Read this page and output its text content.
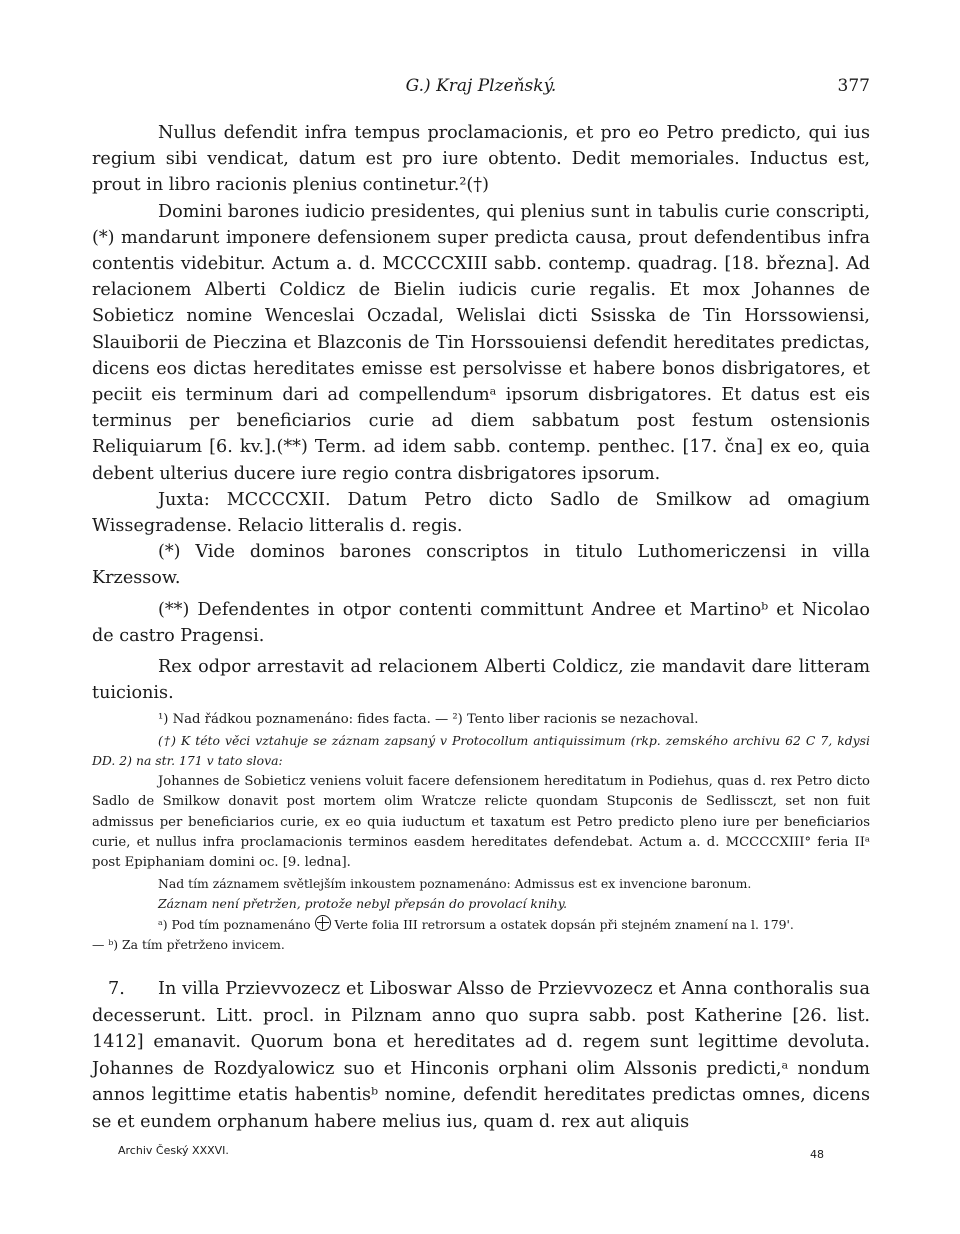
G.) Kraj Plzeňský.	377

Nullus defendit infra tempus proclamacionis, et pro eo Petro predicto, qui ius regium sibi vendicat, datum est pro iure obtento. Dedit memoriales. Inductus est, prout in libro racionis plenius continetur.²(†)

Domini barones iudicio presidentes, qui plenius sunt in tabulis curie conscripti,(*) mandarunt imponere defensionem super predicta causa, prout defendentibus infra contentis videbitur. Actum a. d. MCCCCXIII sabb. contemp. quadrag. [18. března]. Ad relacionem Alberti Coldicz de Bielin iudicis curie regalis. Et mox Johannes de Sobieticz nomine Wenceslai Oczadal, Welislai dicti Ssisska de Tin Horssowiensi, Slauiborii de Pieczina et Blazconis de Tin Horssouiensi defendit hereditates predictas, dicens eos dictas hereditates emisse est persolvisse et habere bonos disbrigatores, et peciit eis terminum dari ad compellendumᵃ ipsorum disbrigatores. Et datus est eis terminus per beneficiarios curie ad diem sabbatum post festum ostensionis Reliquiarum [6. kv.].(**) Term. ad idem sabb. contemp. penthec. [17. čna] ex eo, quia debent ulterius ducere iure regio contra disbrigatores ipsorum.

Juxta: MCCCCXII. Datum Petro dicto Sadlo de Smilkow ad omagium Wissegradense. Relacio litteralis d. regis.

(*) Vide dominos barones conscriptos in titulo Luthomericzensi in villa Krzessow.

(**) Defendentes in otpor contenti committunt Andree et Martinoᵇ et Nicolao de castro Pragensi.

Rex odpor arrestavit ad relacionem Alberti Coldicz, zie mandavit dare litteram tuicionis.

¹) Nad řádkou poznamenáno: fides facta. — ²) Tento liber racionis se nezachoval.

(†) K této věci vztahuje se záznam zapsaný v Protocollum antiquissimum (rkp. zemského archivu 62 C 7, kdysi DD. 2) na str. 171 v tato slova:

Johannes de Sobieticz veniens voluit facere defensionem hereditatum in Podiehus, quas d. rex Petro dicto Sadlo de Smilkow donavit post mortem olim Wratcze relicte quondam Stupconis de Sedlissczt, set non fuit admissus per beneficiarios curie, ex eo quia iuductum et taxatum est Petro predicto pleno iure per beneficiarios curie, et nullus infra proclamacionis terminos easdem hereditates defendebat. Actum a. d. MCCCCXIII° feria IIᵃ post Epiphaniam domini oc. [9. ledna].

Nad tím záznamem světlejším inkoustem poznamenáno: Admissus est ex invencione baronum.

Záznam není přetržen, protože nebyl přepsán do provolací knihy.

ᵃ) Pod tím poznamenáno Verte folia III retrorsum a ostatek dopsán při stejném znamení na l. 179'.

— ᵇ) Za tím přetrženo invicem.

7. In villa Przievvozecz et Liboswar Alsso de Przievvozecz et Anna conthoralis sua decesserunt. Litt. procl. in Pilznam anno quo supra sabb. post Katherine [26. list. 1412] emanavit. Quorum bona et hereditates ad d. regem sunt legittime devoluta. Johannes de Rozdyalowicz suo et Hinconis orphani olim Alssonis predicti,ᵃ nondum annos legittime etatis habentisᵇ nomine, defendit hereditates predictas omnes, dicens se et eundem orphanum habere melius ius, quam d. rex aut aliquis

Archiv Český XXXVI.	48
